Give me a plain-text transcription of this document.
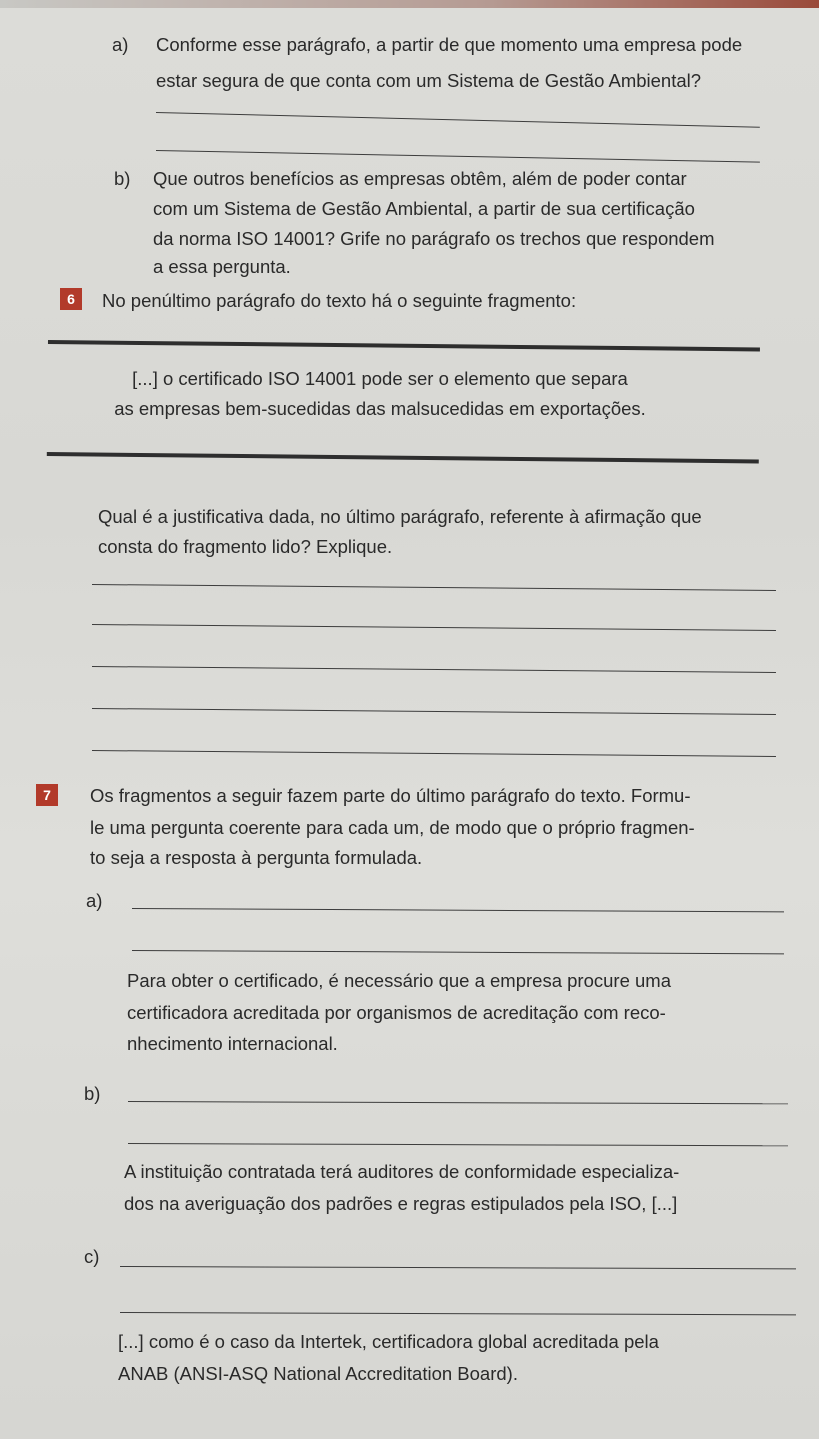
a) Conforme esse parágrafo, a partir de que momento uma empresa pode
estar segura de que conta com um Sistema de Gestão Ambiental?
b) Que outros benefícios as empresas obtêm, além de poder contar
com um Sistema de Gestão Ambiental, a partir de sua certificação
da norma ISO 14001? Grife no parágrafo os trechos que respondem
a essa pergunta.
6	No penúltimo parágrafo do texto há o seguinte fragmento:
[...] o certificado ISO 14001 pode ser o elemento que separa
as empresas bem-sucedidas das malsucedidas em exportações.
Qual é a justificativa dada, no último parágrafo, referente à afirmação que
consta do fragmento lido? Explique.
7	Os fragmentos a seguir fazem parte do último parágrafo do texto. Formu-
le uma pergunta coerente para cada um, de modo que o próprio fragmen-
to seja a resposta à pergunta formulada.
a)
Para obter o certificado, é necessário que a empresa procure uma
certificadora acreditada por organismos de acreditação com reco-
nhecimento internacional.
b)
A instituição contratada terá auditores de conformidade especializa-
dos na averiguação dos padrões e regras estipulados pela ISO, [...]
c)
[...] como é o caso da Intertek, certificadora global acreditada pela
ANAB (ANSI-ASQ National Accreditation Board).
